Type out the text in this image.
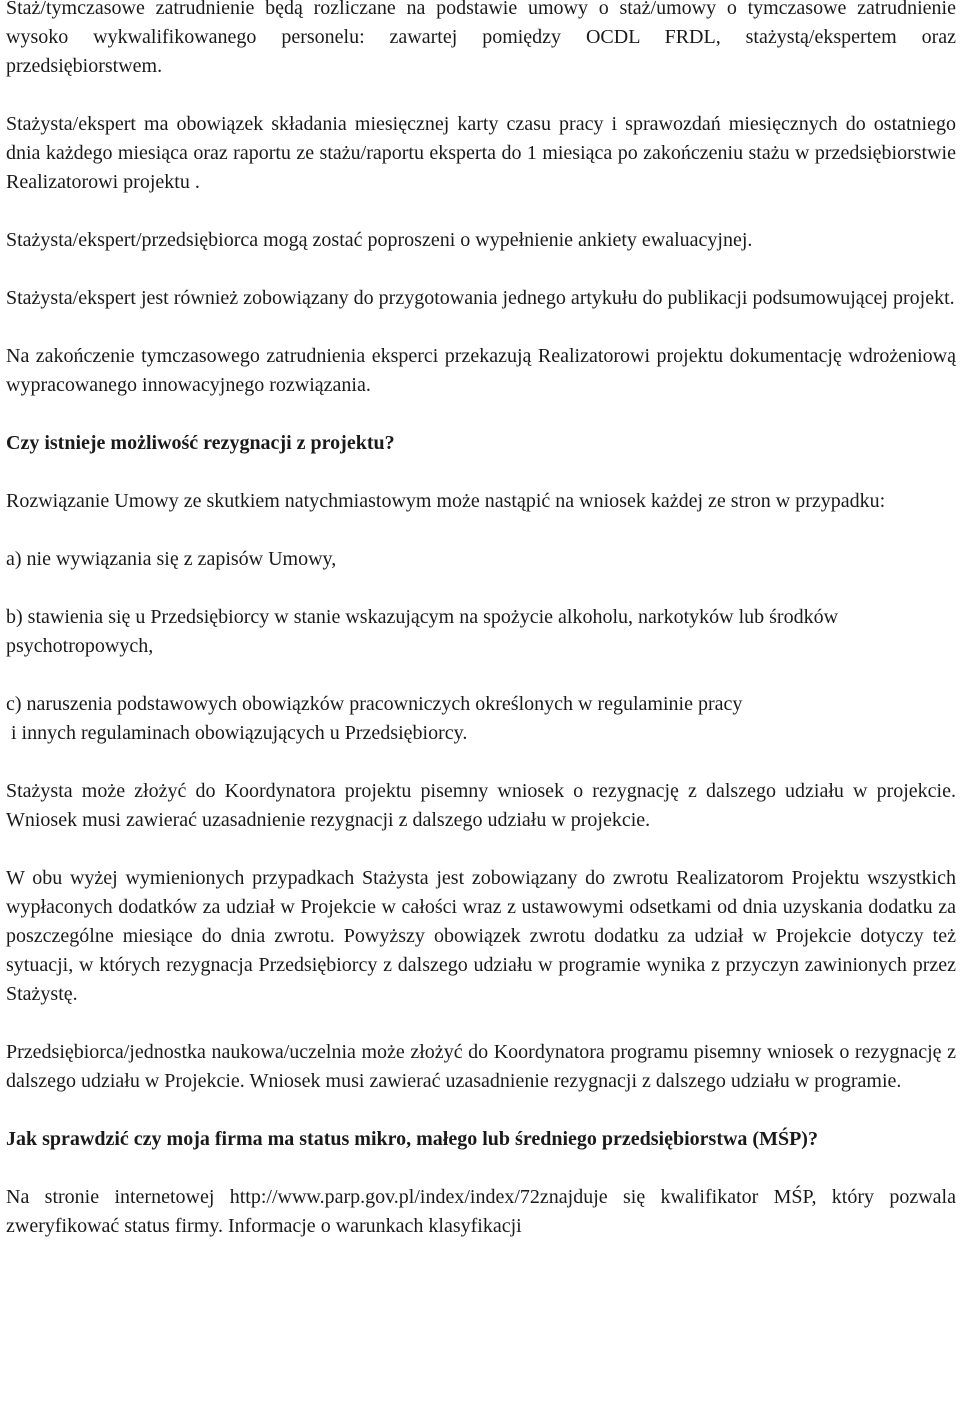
Staż/tymczasowe zatrudnienie będą rozliczane na podstawie umowy o staż/umowy o tymczasowe zatrudnienie wysoko wykwalifikowanego personelu: zawartej pomiędzy OCDL FRDL, stażystą/ekspertem oraz przedsiębiorstwem.

Stażysta/ekspert ma obowiązek składania miesięcznej karty czasu pracy i sprawozdań miesięcznych do ostatniego dnia każdego miesiąca oraz raportu ze stażu/raportu eksperta do 1 miesiąca po zakończeniu stażu w przedsiębiorstwie Realizatorowi projektu .

Stażysta/ekspert/przedsiębiorca mogą zostać poproszeni o wypełnienie ankiety ewaluacyjnej.

Stażysta/ekspert jest również zobowiązany do przygotowania jednego artykułu do publikacji podsumowującej projekt.

Na zakończenie tymczasowego zatrudnienia eksperci przekazują Realizatorowi projektu dokumentację wdrożeniową wypracowanego innowacyjnego rozwiązania.

Czy istnieje możliwość rezygnacji z projektu?

Rozwiązanie Umowy ze skutkiem natychmiastowym może nastąpić na wniosek każdej ze stron w przypadku:

a) nie wywiązania się z zapisów Umowy,

b) stawienia się u Przedsiębiorcy w stanie wskazującym na spożycie alkoholu, narkotyków lub środków psychotropowych,

c) naruszenia podstawowych obowiązków pracowniczych określonych w regulaminie pracy
i innych regulaminach obowiązujących u Przedsiębiorcy.

Stażysta może złożyć do Koordynatora projektu pisemny wniosek o rezygnację z dalszego udziału w projekcie. Wniosek musi zawierać uzasadnienie rezygnacji z dalszego udziału w projekcie.

W obu wyżej wymienionych przypadkach Stażysta jest zobowiązany do zwrotu Realizatorom Projektu wszystkich wypłaconych dodatków za udział w Projekcie w całości wraz z ustawowymi odsetkami od dnia uzyskania dodatku za poszczególne miesiące do dnia zwrotu. Powyższy obowiązek zwrotu dodatku za udział w Projekcie dotyczy też sytuacji, w których rezygnacja Przedsiębiorcy z dalszego udziału w programie wynika z przyczyn zawinionych przez Stażystę.

Przedsiębiorca/jednostka naukowa/uczelnia może złożyć do Koordynatora programu pisemny wniosek o rezygnację z dalszego udziału w Projekcie. Wniosek musi zawierać uzasadnienie rezygnacji z dalszego udziału w programie.

Jak sprawdzić czy moja firma ma status mikro, małego lub średniego przedsiębiorstwa (MŚP)?

Na stronie internetowej http://www.parp.gov.pl/index/index/72znajduje się kwalifikator MŚP, który pozwala zweryfikować status firmy. Informacje o warunkach klasyfikacji
